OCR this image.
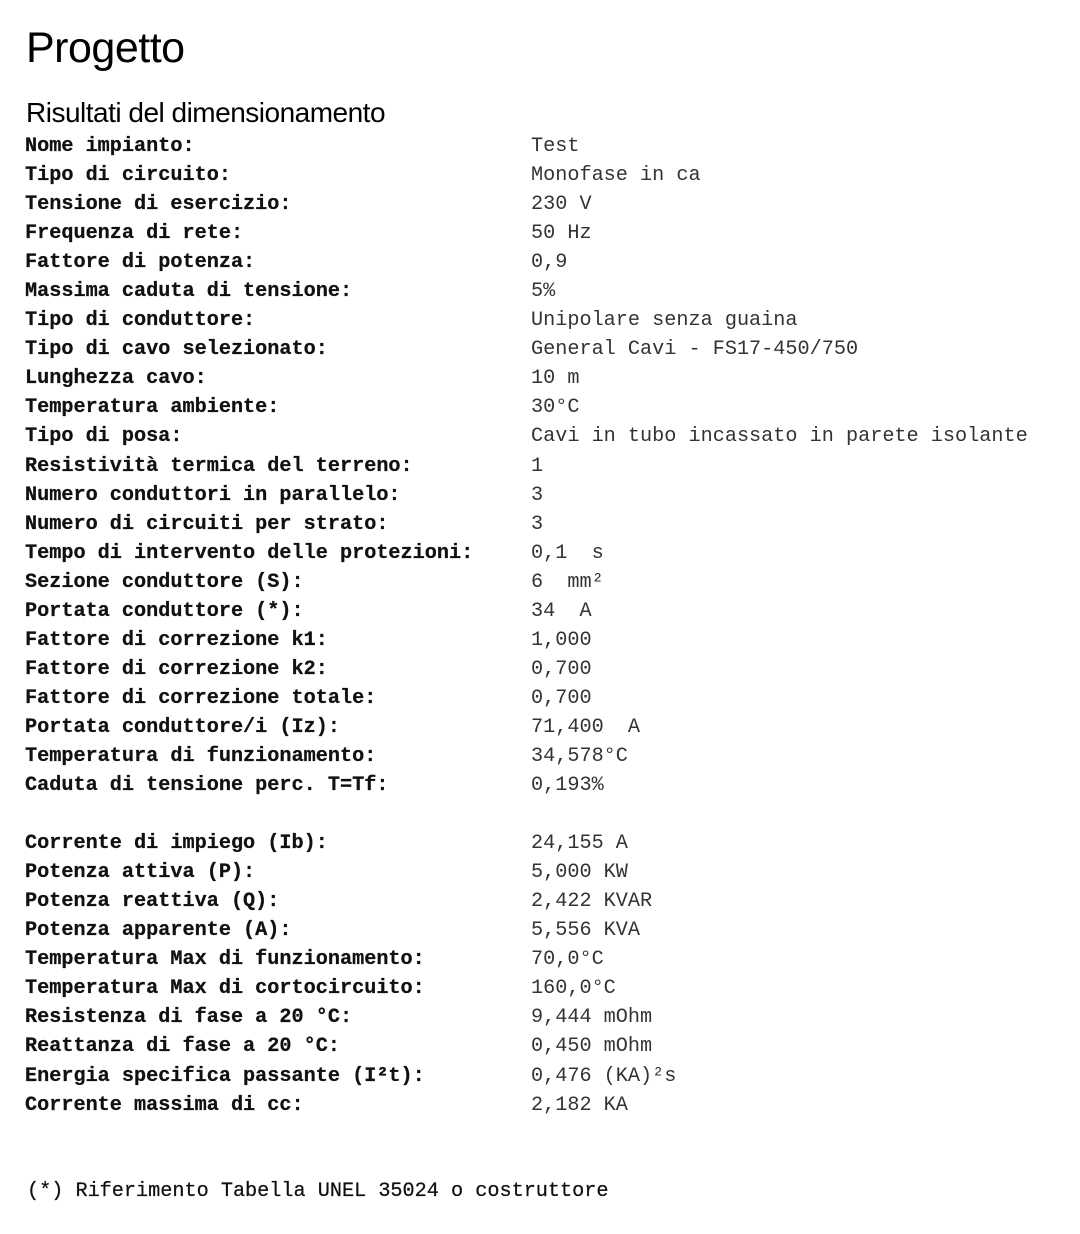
Progetto
Risultati del dimensionamento
Nome impianto:	Test
Tipo di circuito:	Monofase in ca
Tensione di esercizio:	230 V
Frequenza di rete:	50 Hz
Fattore di potenza:	0,9
Massima caduta di tensione:	5%
Tipo di conduttore:	Unipolare senza guaina
Tipo di cavo selezionato:	General Cavi - FS17-450/750
Lunghezza cavo:	10 m
Temperatura ambiente:	30°C
Tipo di posa:	Cavi in tubo incassato in parete isolante
Resistività termica del terreno:	1
Numero conduttori in parallelo:	3
Numero di circuiti per strato:	3
Tempo di intervento delle protezioni:	0,1  s
Sezione conduttore (S):	6  mm²
Portata conduttore (*):	34  A
Fattore di correzione k1:	1,000
Fattore di correzione k2:	0,700
Fattore di correzione totale:	0,700
Portata conduttore/i (Iz):	71,400  A
Temperatura di funzionamento:	34,578°C
Caduta di tensione perc. T=Tf:	0,193%
Corrente di impiego (Ib):	24,155 A
Potenza attiva (P):	5,000 KW
Potenza reattiva (Q):	2,422 KVAR
Potenza apparente (A):	5,556 KVA
Temperatura Max di funzionamento:	70,0°C
Temperatura Max di cortocircuito:	160,0°C
Resistenza di fase a 20 °C:	9,444 mOhm
Reattanza di fase a 20 °C:	0,450 mOhm
Energia specifica passante (I²t):	0,476 (KA)²s
Corrente massima di cc:	2,182 KA
(*) Riferimento Tabella UNEL 35024 o costruttore
